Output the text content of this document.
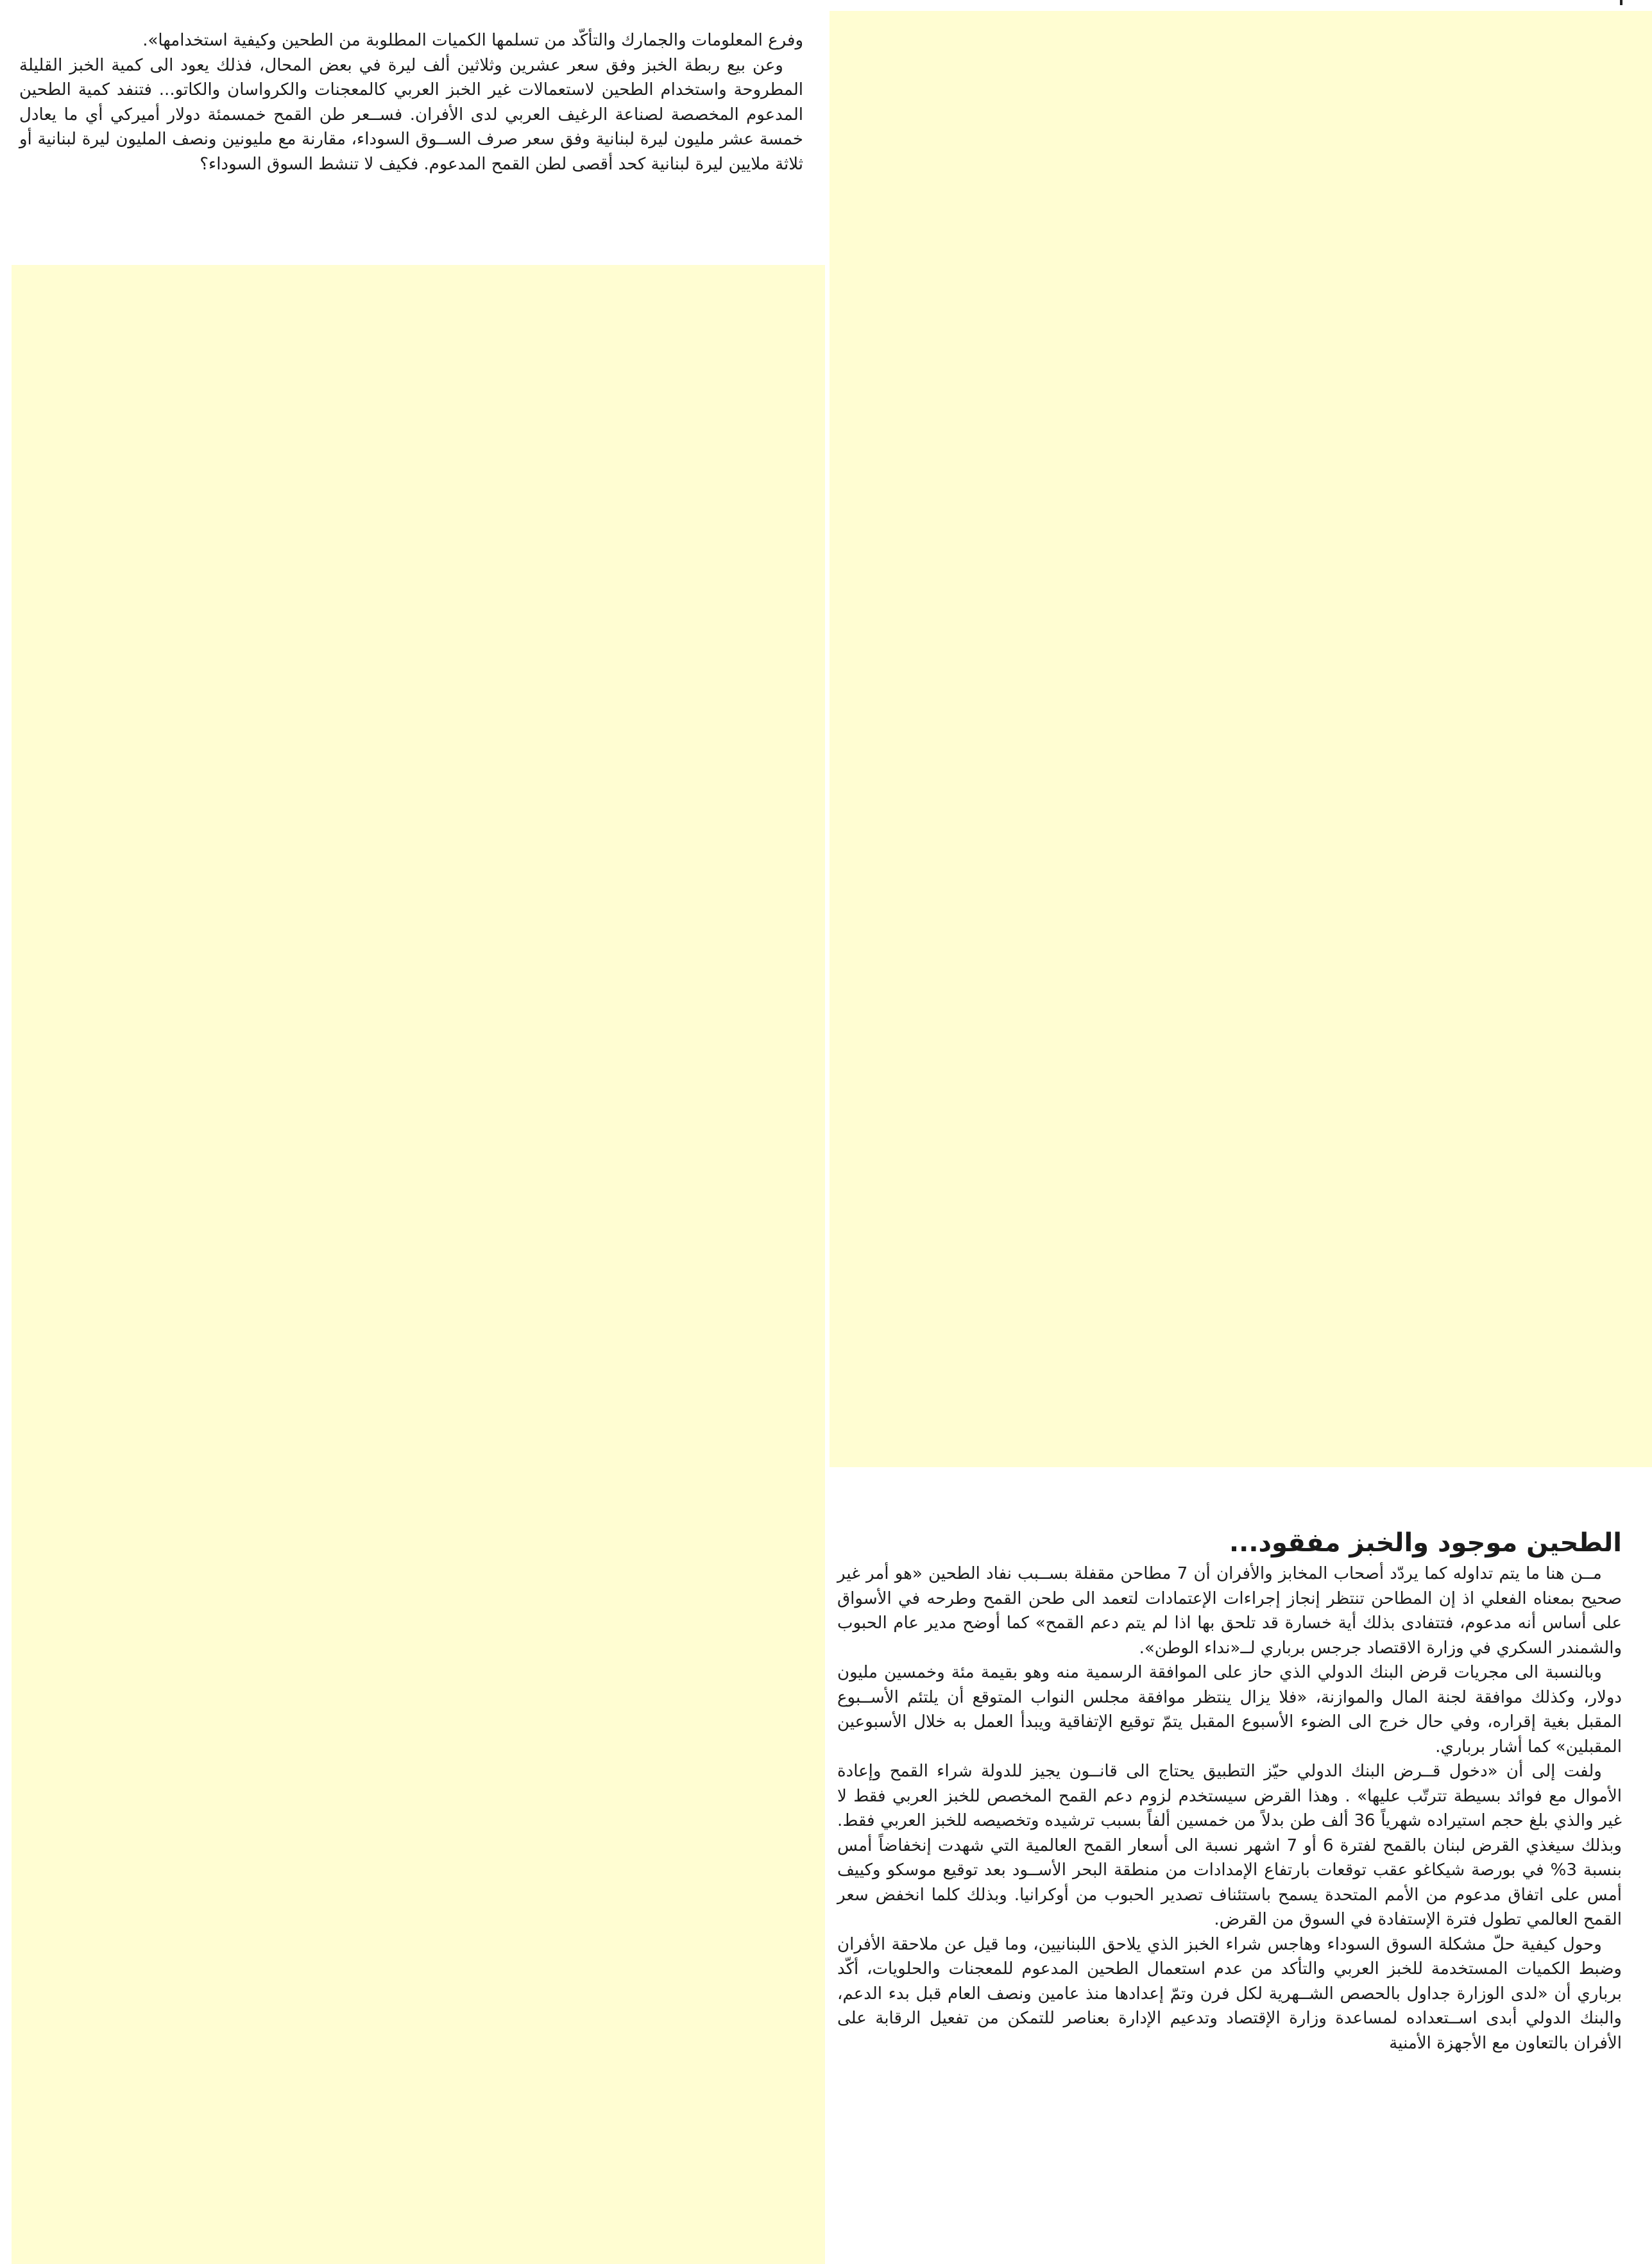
وفرع المعلومات والجمارك والتأكّد من تسلمها الكميات المطلوبة من الطحين وكيفية استخدامها».

وعن بيع ربطة الخبز وفق سعر عشرين وثلاثين ألف ليرة في بعض المحال، فذلك يعود الى كمية الخبز القليلة المطروحة واستخدام الطحين لاستعمالات غير الخبز العربي كالمعجنات والكرواسان والكاتو... فتنفد كمية الطحين المدعوم المخصصة لصناعة الرغيف العربي لدى الأفران. فســعر طن القمح خمسمئة دولار أميركي أي ما يعادل خمسة عشر مليون ليرة لبنانية وفق سعر صرف الســوق السوداء، مقارنة مع مليونين ونصف المليون ليرة لبنانية أو ثلاثة ملايين ليرة لبنانية كحد أقصى لطن القمح المدعوم. فكيف لا تنشط السوق السوداء؟

الطحين موجود والخبز مفقود...

مــن هنا ما يتم تداوله كما يردّد أصحاب المخابز والأفران أن 7 مطاحن مقفلة بســبب نفاد الطحين «هو أمر غير صحيح بمعناه الفعلي اذ إن المطاحن تنتظر إنجاز إجراءات الإعتمادات لتعمد الى طحن القمح وطرحه في الأسواق على أساس أنه مدعوم، فتتفادى بذلك أية خسارة قد تلحق بها اذا لم يتم دعم القمح» كما أوضح مدير عام الحبوب والشمندر السكري في وزارة الاقتصاد جرجس برباري لــ«نداء الوطن».

وبالنسبة الى مجريات قرض البنك الدولي الذي حاز على الموافقة الرسمية منه وهو بقيمة مئة وخمسين مليون دولار، وكذلك موافقة لجنة المال والموازنة، «فلا يزال ينتظر موافقة مجلس النواب المتوقع أن يلتئم الأســبوع المقبل بغية إقراره، وفي حال خرج الى الضوء الأسبوع المقبل يتمّ توقيع الإتفاقية ويبدأ العمل به خلال الأسبوعين المقبلين» كما أشار برباري.

ولفت إلى أن «دخول قــرض البنك الدولي حيّز التطبيق يحتاج الى قانــون يجيز للدولة شراء القمح وإعادة الأموال مع فوائد بسيطة تترتّب عليها» . وهذا القرض سيستخدم لزوم دعم القمح المخصص للخبز العربي فقط لا غير والذي بلغ حجم استيراده شهرياً 36 ألف طن بدلاً من خمسين ألفاً بسبب ترشيده وتخصيصه للخبز العربي فقط. وبذلك سيغذي القرض لبنان بالقمح لفترة 6 أو 7 اشهر نسبة الى أسعار القمح العالمية التي شهدت إنخفاضاً أمس بنسبة 3% في بورصة شيكاغو عقب توقعات بارتفاع الإمدادات من منطقة البحر الأســود بعد توقيع موسكو وكييف أمس على اتفاق مدعوم من الأمم المتحدة يسمح باستئناف تصدير الحبوب من أوكرانيا. وبذلك كلما انخفض سعر القمح العالمي تطول فترة الإستفادة في السوق من القرض.

وحول كيفية حلّ مشكلة السوق السوداء وهاجس شراء الخبز الذي يلاحق اللبنانيين، وما قيل عن ملاحقة الأفران وضبط الكميات المستخدمة للخبز العربي والتأكد من عدم استعمال الطحين المدعوم للمعجنات والحلويات، أكّد برباري أن «لدى الوزارة جداول بالحصص الشــهرية لكل فرن وتمّ إعدادها منذ عامين ونصف العام قبل بدء الدعم، والبنك الدولي أبدى اســتعداده لمساعدة وزارة الإقتصاد وتدعيم الإدارة بعناصر للتمكن من تفعيل الرقابة على الأفران بالتعاون مع الأجهزة الأمنية
